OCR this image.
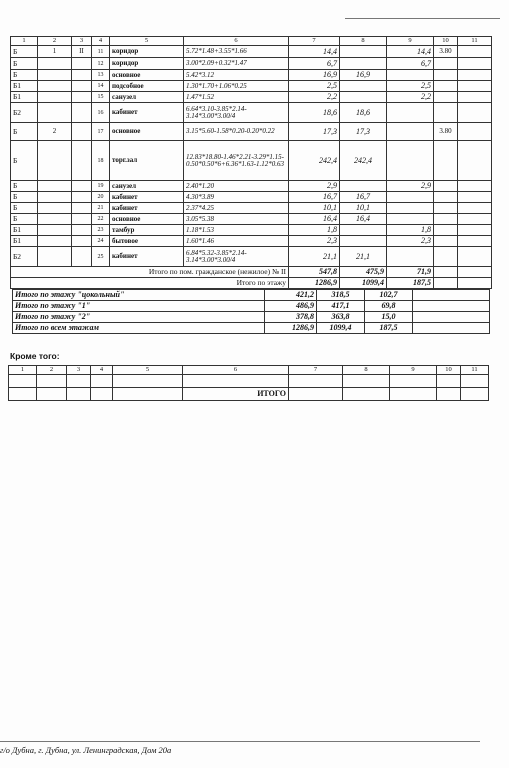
1	2	3	4	5	6	7	8	9	10	11
Б	1	II	11	коридор	5.72*1.48+3.55*1.66	14,4		14,4	3.80	
Б			12	коридор	3.00*2.09+0.32*1.47	6,7		6,7		
Б			13	основное	5.42*3.12	16,9	16,9			
Б1			14	подсобное	1.30*1.70+1.06*0.25	2,5		2,5		
Б1			15	санузел	1.47*1.52	2,2		2,2		
Б2			16	кабинет	6.64*3.10-3.85*2.14-3.14*3.00*3.00/4	18,6	18,6			
Б	2		17	основное	3.15*5.60-1.58*0.20-0.20*0.22	17,3	17,3		3.80	
Б			18	торг.зал	12.83*18.80-1.46*2.21-3.29*1.15-0.50*0.50*6+6.36*1.63-1.12*0.63	242,4	242,4			
Б			19	санузел	2.40*1.20	2,9		2,9		
Б			20	кабинет	4.30*3.89	16,7	16,7			
Б			21	кабинет	2.37*4.25	10,1	10,1			
Б			22	основное	3.05*5.38	16,4	16,4			
Б1			23	тамбур	1.18*1.53	1,8		1,8		
Б1			24	бытовое	1.60*1.46	2,3		2,3		
Б2			25	кабинет	6.84*5.32-3.85*2.14-3.14*3.00*3.00/4	21,1	21,1			
Итого по пом. гражданское (нежилое) № II						547,8	475,9	71,9		
Итого по этажу						1286,9	1099,4	187,5		
Итого по этажу "цокольный"	421,2	318,5	102,7	
Итого по этажу "1"	486,9	417,1	69,8	
Итого по этажу "2"	378,8	363,8	15,0	
Итого по всем этажам	1286,9	1099,4	187,5	
Кроме того:
1	2	3	4	5	6	7	8	9	10	11

					ИТОГО					
г/о Дубна, г. Дубна, ул. Ленинградская, Дом 20а
